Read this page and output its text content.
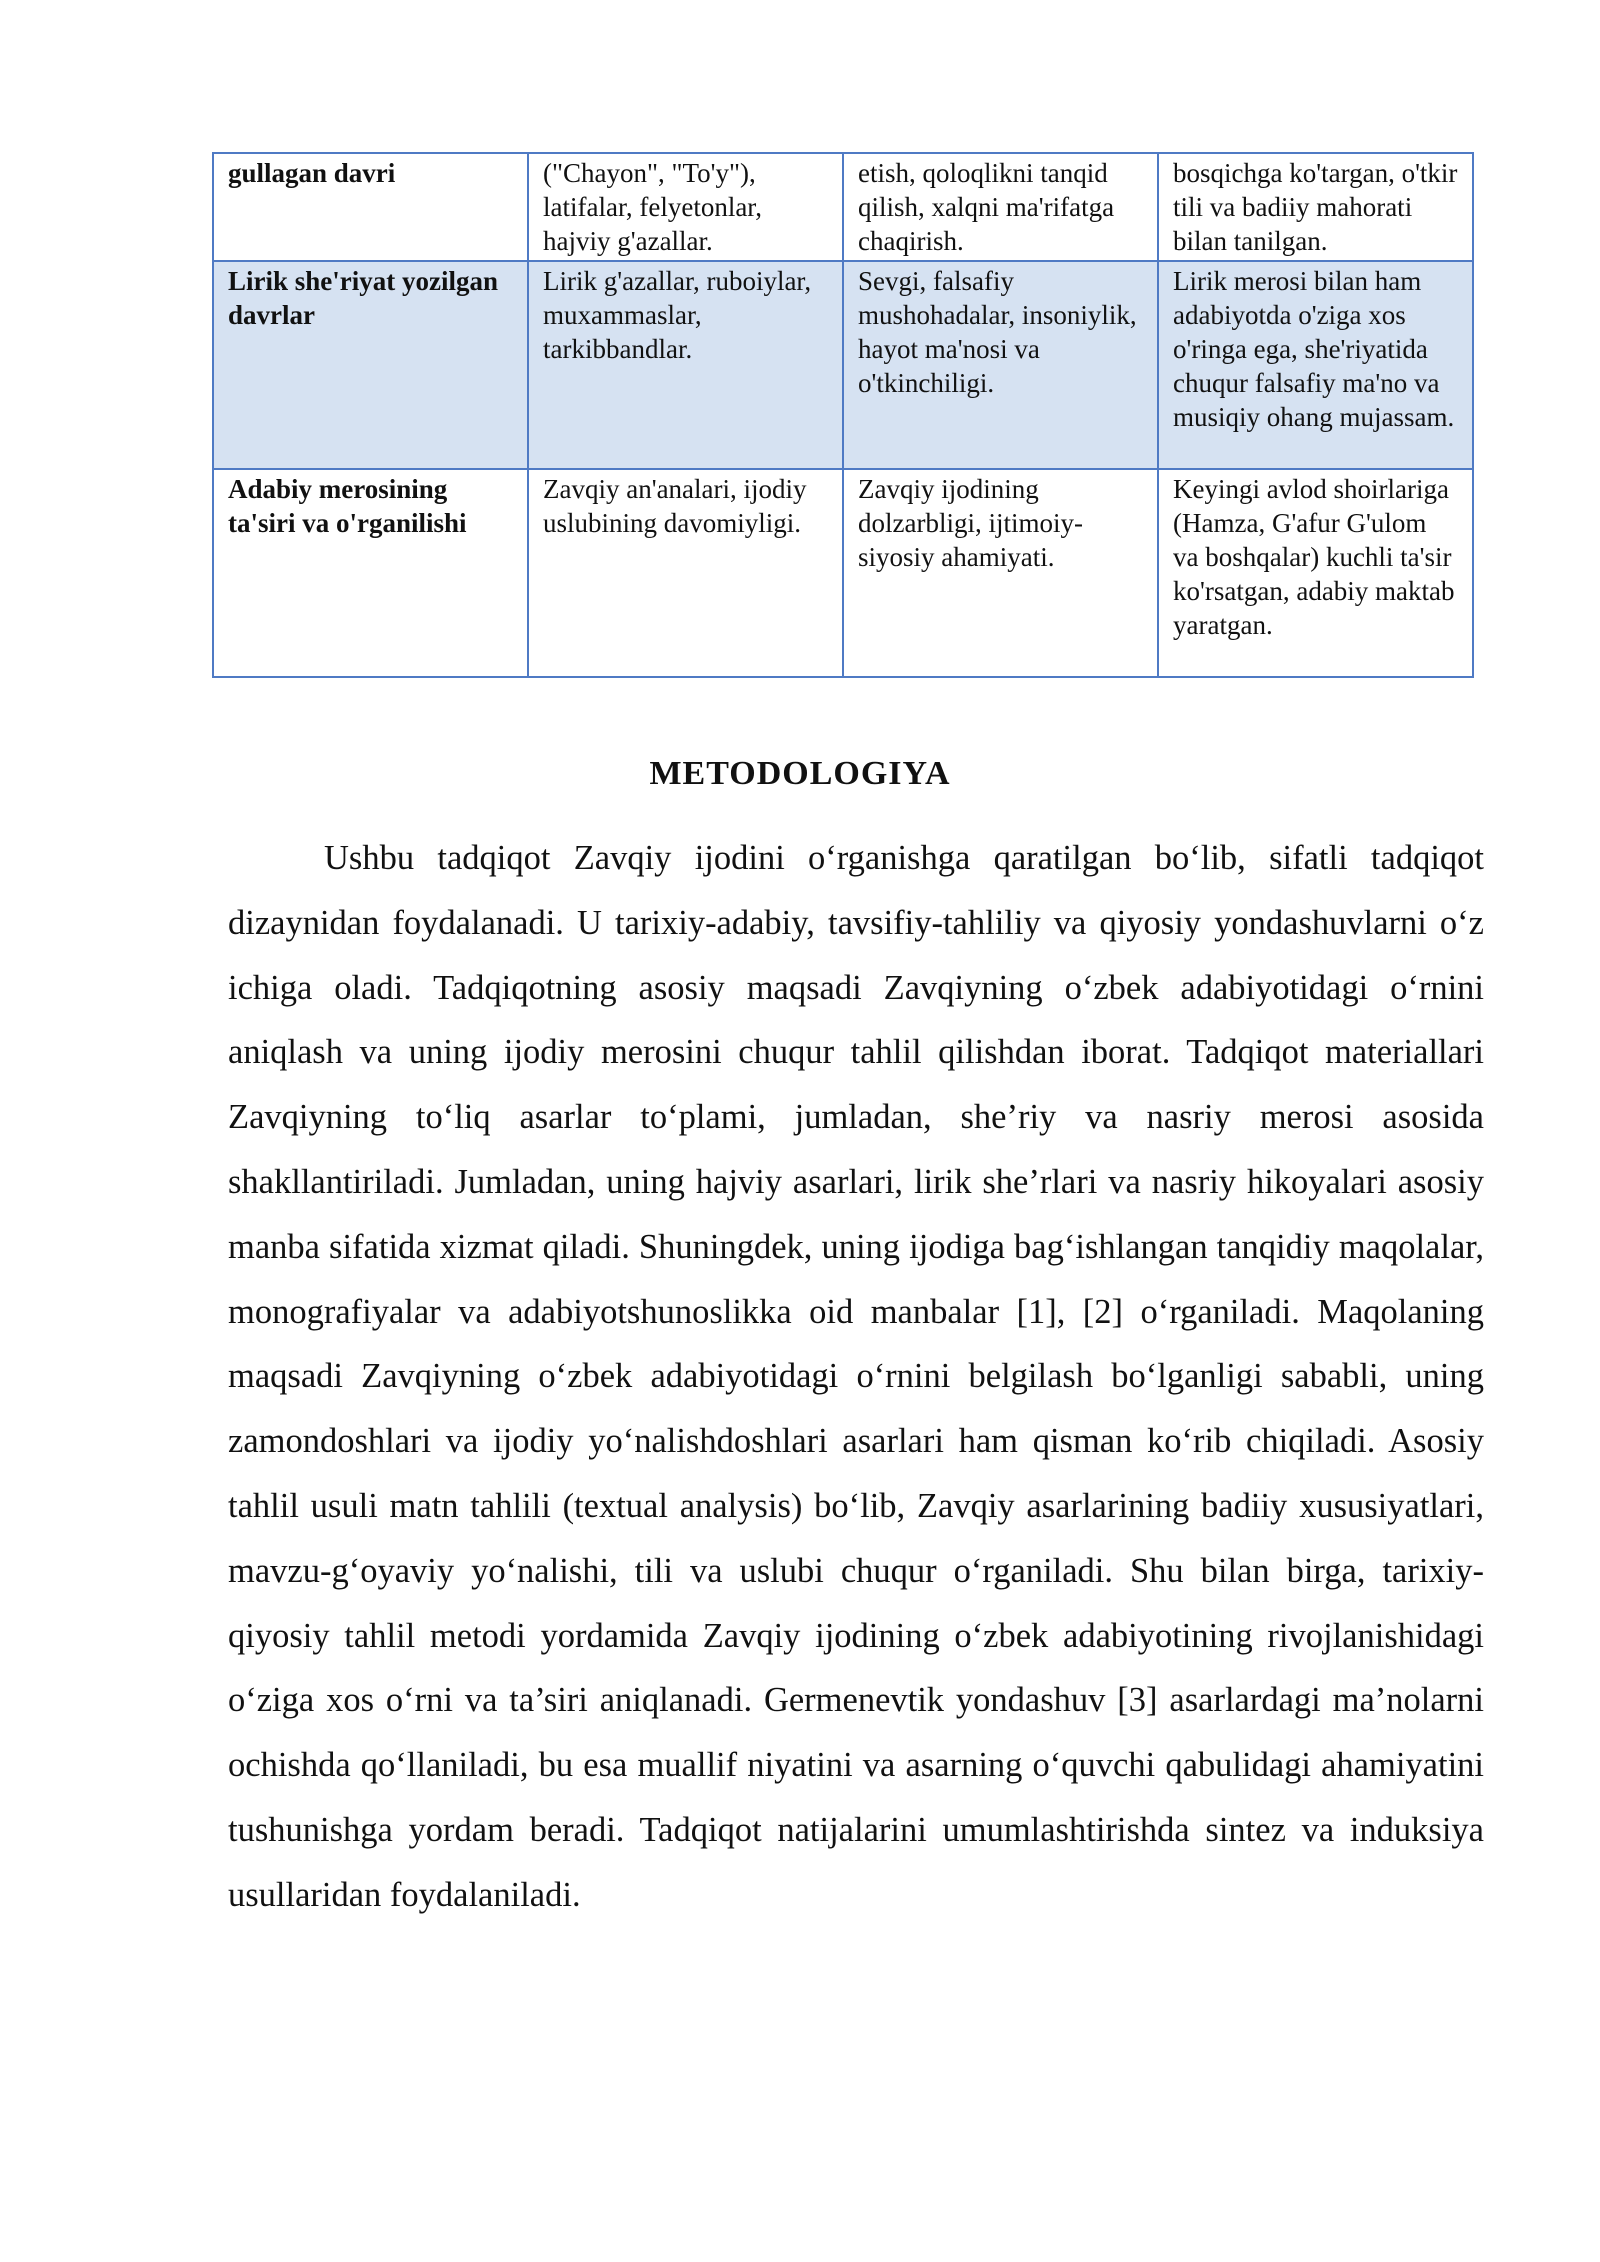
gullagan davri	("Chayon", "To'y"), latifalar, felyetonlar, hajviy g'azallar.	etish, qoloqlikni tanqid qilish, xalqni ma'rifatga chaqirish.	bosqichga ko'targan, o'tkir tili va badiiy mahorati bilan tanilgan.
Lirik she'riyat yozilgan davrlar	Lirik g'azallar, ruboiylar, muxammaslar, tarkibbandlar.	Sevgi, falsafiy mushohadalar, insoniylik, hayot ma'nosi va o'tkinchiligi.	Lirik merosi bilan ham adabiyotda o'ziga xos o'ringa ega, she'riyatida chuqur falsafiy ma'no va musiqiy ohang mujassam.
Adabiy merosining ta'siri va o'rganilishi	Zavqiy an'analari, ijodiy uslubining davomiyligi.	Zavqiy ijodining dolzarbligi, ijtimoiy-siyosiy ahamiyati.	Keyingi avlod shoirlariga (Hamza, G'afur G'ulom va boshqalar) kuchli ta'sir ko'rsatgan, adabiy maktab yaratgan.
METODOLOGIYA

Ushbu tadqiqot Zavqiy ijodini o‘rganishga qaratilgan bo‘lib, sifatli tadqiqot dizaynidan foydalanadi. U tarixiy-adabiy, tavsifiy-tahliliy va qiyosiy yondashuvlarni o‘z ichiga oladi. Tadqiqotning asosiy maqsadi Zavqiyning o‘zbek adabiyotidagi o‘rnini aniqlash va uning ijodiy merosini chuqur tahlil qilishdan iborat. Tadqiqot materiallari Zavqiyning to‘liq asarlar to‘plami, jumladan, she’riy va nasriy merosi asosida shakllantiriladi. Jumladan, uning hajviy asarlari, lirik she’rlari va nasriy hikoyalari asosiy manba sifatida xizmat qiladi. Shuningdek, uning ijodiga bag‘ishlangan tanqidiy maqolalar, monografiyalar va adabiyotshunoslikka oid manbalar [1], [2] o‘rganiladi. Maqolaning maqsadi Zavqiyning o‘zbek adabiyotidagi o‘rnini belgilash bo‘lganligi sababli, uning zamondoshlari va ijodiy yo‘nalishdoshlari asarlari ham qisman ko‘rib chiqiladi. Asosiy tahlil usuli matn tahlili (textual analysis) bo‘lib, Zavqiy asarlarining badiiy xususiyatlari, mavzu-g‘oyaviy yo‘nalishi, tili va uslubi chuqur o‘rganiladi. Shu bilan birga, tarixiy-qiyosiy tahlil metodi yordamida Zavqiy ijodining o‘zbek adabiyotining rivojlanishidagi o‘ziga xos o‘rni va ta’siri aniqlanadi. Germenevtik yondashuv [3] asarlardagi ma’nolarni ochishda qo‘llaniladi, bu esa muallif niyatini va asarning o‘quvchi qabulidagi ahamiyatini tushunishga yordam beradi. Tadqiqot natijalarini umumlashtirishda sintez va induksiya usullaridan foydalaniladi.
